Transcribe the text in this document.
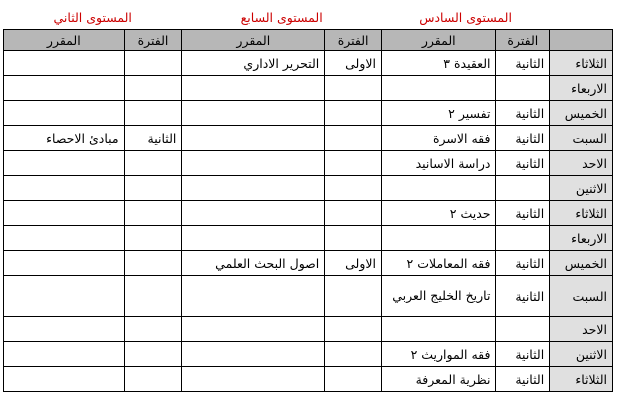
	المستوى السادس		المستوى السابع		المستوى الثاني	
	الفترة	المقرر	الفترة	المقرر	الفترة	المقرر
الثلاثاء	الثانية	العقيدة ٣	الاولى	التحرير الاداري		
الاربعاء						
الخميس	الثانية	تفسير ٢				
السبت	الثانية	فقه الاسرة			الثانية	مبادئ الاحصاء
الاحد	الثانية	دراسة الاسانيد				
الاثنين						
الثلاثاء	الثانية	حديث ٢				
الاربعاء						
الخميس	الثانية	فقه المعاملات ٢	الاولى	اصول البحث العلمي		
السبت	الثانية	تاريخ الخليج العربي				
الاحد						
الاثنين	الثانية	فقه المواريث ٢				
الثلاثاء	الثانية	نظرية المعرفة				
